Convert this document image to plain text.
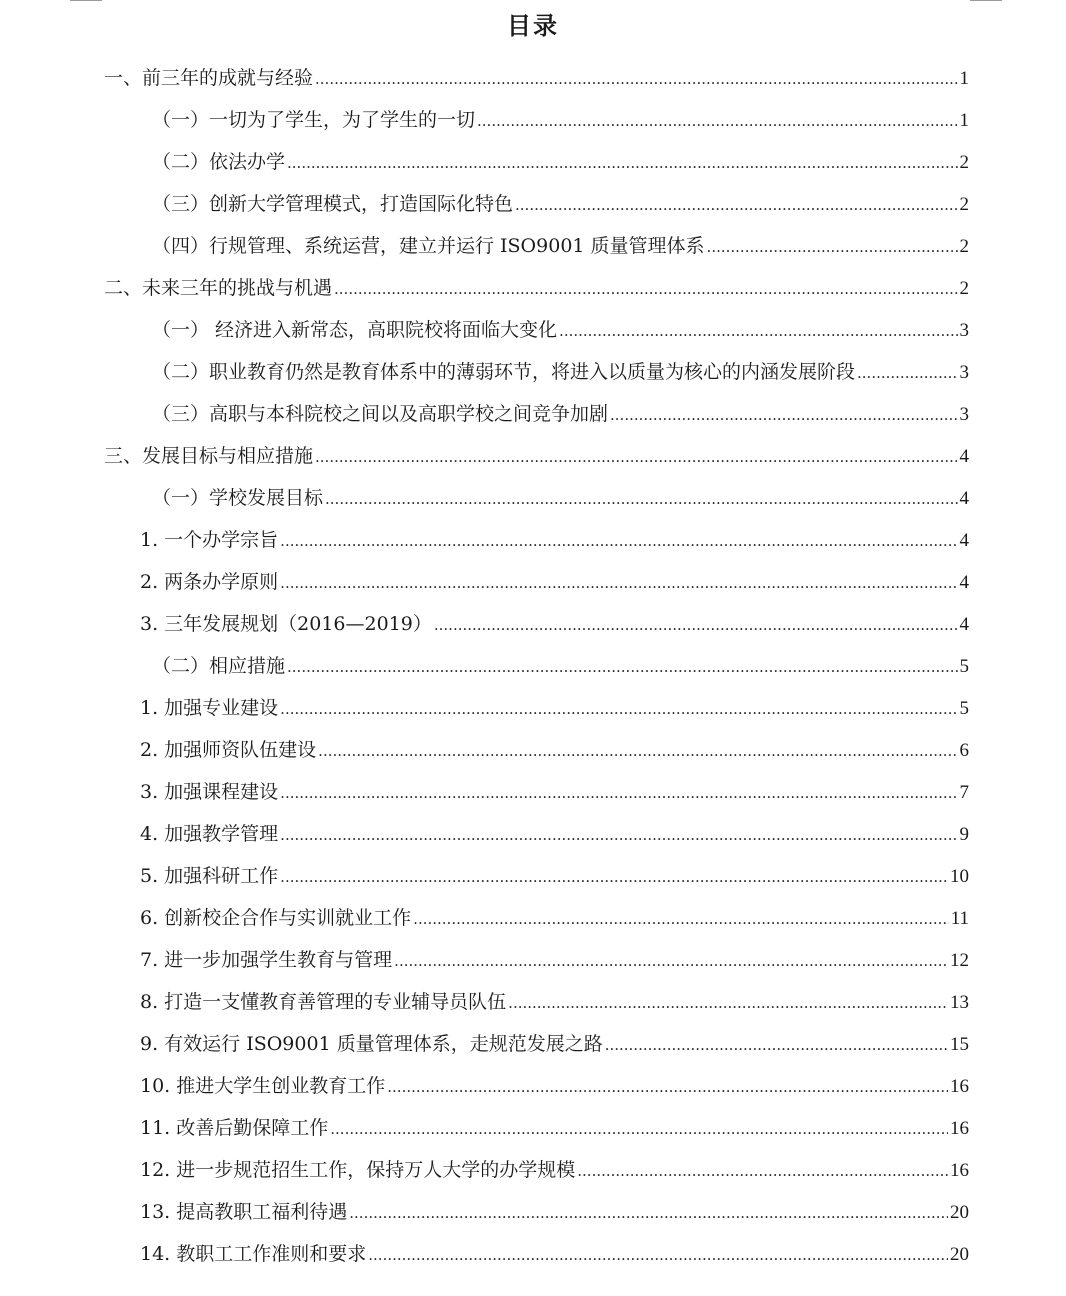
目录
一、前三年的成就与经验 .....	1
（一）一切为了学生，为了学生的一切 .....	1
（二）依法办学 .....	2
（三）创新大学管理模式，打造国际化特色 .....	2
（四）行规管理、系统运营，建立并运行 ISO9001 质量管理体系 .....	2
二、未来三年的挑战与机遇 .....	2
（一） 经济进入新常态，高职院校将面临大变化 .....	3
（二）职业教育仍然是教育体系中的薄弱环节，将进入以质量为核心的内涵发展阶段 .....	3
（三）高职与本科院校之间以及高职学校之间竞争加剧 .....	3
三、发展目标与相应措施 .....	4
（一）学校发展目标 .....	4
1. 一个办学宗旨 .....	4
2. 两条办学原则 .....	4
3. 三年发展规划（2016—2019） .....	4
（二）相应措施 .....	5
1. 加强专业建设 .....	5
2. 加强师资队伍建设 .....	6
3. 加强课程建设 .....	7
4. 加强教学管理 .....	9
5. 加强科研工作 .....	10
6. 创新校企合作与实训就业工作 .....	11
7. 进一步加强学生教育与管理 .....	12
8. 打造一支懂教育善管理的专业辅导员队伍 .....	13
9. 有效运行 ISO9001 质量管理体系，走规范发展之路 .....	15
10. 推进大学生创业教育工作 .....	16
11. 改善后勤保障工作 .....	16
12. 进一步规范招生工作，保持万人大学的办学规模 .....	16
13. 提高教职工福利待遇 .....	20
14. 教职工工作准则和要求 .....	20
